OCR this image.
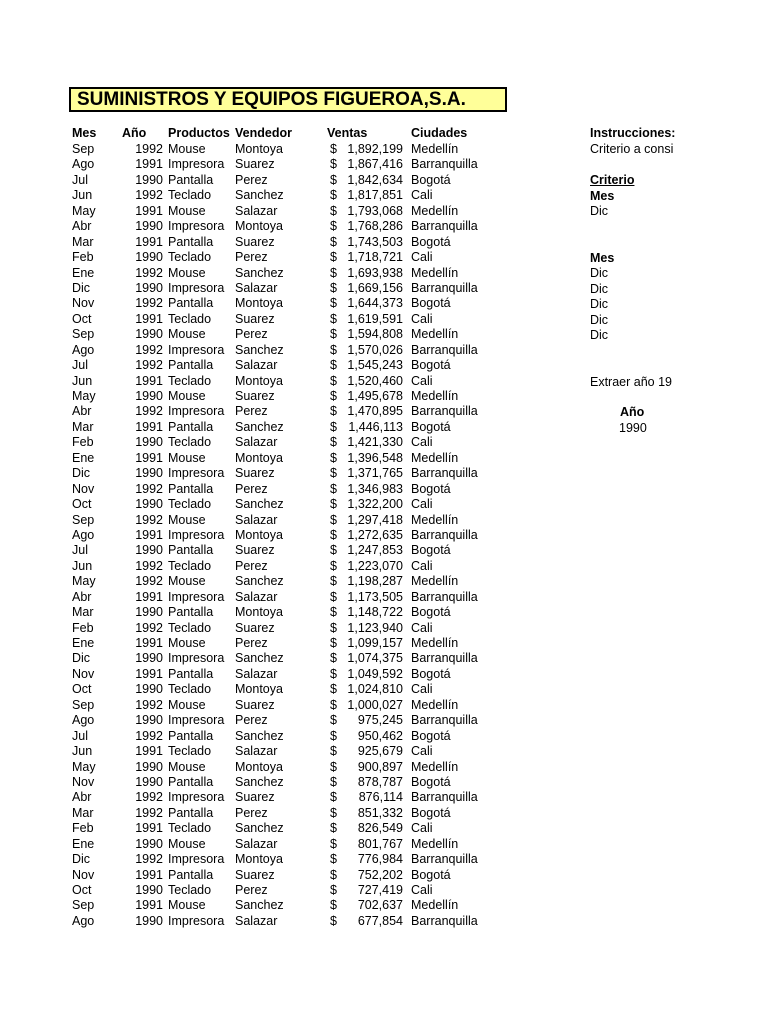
SUMINISTROS Y EQUIPOS FIGUEROA,S.A.
Mes Año Productos Vendedor	Ventas	Ciudades
Sep	1992 Mouse Montoya	$ 1,892,199 Medellín
Ago	1991 Impresora Suarez	$ 1,867,416 Barranquilla
Jul	1990 Pantalla Perez	$ 1,842,634 Bogotá
Jun	1992 Teclado Sanchez	$ 1,817,851 Cali
May	1991 Mouse Salazar	$ 1,793,068 Medellín
Abr	1990 Impresora Montoya	$ 1,768,286 Barranquilla
Mar	1991 Pantalla Suarez	$ 1,743,503 Bogotá
Feb	1990 Teclado Perez	$ 1,718,721 Cali
Ene	1992 Mouse Sanchez	$ 1,693,938 Medellín
Dic	1990 Impresora Salazar	$ 1,669,156 Barranquilla
Nov	1992 Pantalla Montoya	$ 1,644,373 Bogotá
Oct	1991 Teclado Suarez	$ 1,619,591 Cali
Sep	1990 Mouse Perez	$ 1,594,808 Medellín
Ago	1992 Impresora Sanchez	$ 1,570,026 Barranquilla
Jul	1992 Pantalla Salazar	$ 1,545,243 Bogotá
Jun	1991 Teclado Montoya	$ 1,520,460 Cali
May	1990 Mouse Suarez	$ 1,495,678 Medellín
Abr	1992 Impresora Perez	$ 1,470,895 Barranquilla
Mar	1991 Pantalla Sanchez	$ 1,446,113 Bogotá
Feb	1990 Teclado Salazar	$ 1,421,330 Cali
Ene	1991 Mouse Montoya	$ 1,396,548 Medellín
Dic	1990 Impresora Suarez	$ 1,371,765 Barranquilla
Nov	1992 Pantalla Perez	$ 1,346,983 Bogotá
Oct	1990 Teclado Sanchez	$ 1,322,200 Cali
Sep	1992 Mouse Salazar	$ 1,297,418 Medellín
Ago	1991 Impresora Montoya	$ 1,272,635 Barranquilla
Jul	1990 Pantalla Suarez	$ 1,247,853 Bogotá
Jun	1992 Teclado Perez	$ 1,223,070 Cali
May	1992 Mouse Sanchez	$ 1,198,287 Medellín
Abr	1991 Impresora Salazar	$ 1,173,505 Barranquilla
Mar	1990 Pantalla Montoya	$ 1,148,722 Bogotá
Feb	1992 Teclado Suarez	$ 1,123,940 Cali
Ene	1991 Mouse Perez	$ 1,099,157 Medellín
Dic	1990 Impresora Sanchez	$ 1,074,375 Barranquilla
Nov	1991 Pantalla Salazar	$ 1,049,592 Bogotá
Oct	1990 Teclado Montoya	$ 1,024,810 Cali
Sep	1992 Mouse Suarez	$ 1,000,027 Medellín
Ago	1990 Impresora Perez	$	975,245 Barranquilla
Jul	1992 Pantalla Sanchez	$	950,462 Bogotá
Jun	1991 Teclado Salazar	$	925,679 Cali
May	1990 Mouse Montoya	$	900,897 Medellín
Nov	1990 Pantalla Sanchez	$	878,787 Bogotá
Abr	1992 Impresora Suarez	$	876,114 Barranquilla
Mar	1992 Pantalla Perez	$	851,332 Bogotá
Feb	1991 Teclado Sanchez	$	826,549 Cali
Ene	1990 Mouse Salazar	$	801,767 Medellín
Dic	1992 Impresora Montoya	$	776,984 Barranquilla
Nov	1991 Pantalla Suarez	$	752,202 Bogotá
Oct	1990 Teclado Perez	$	727,419 Cali
Sep	1991 Mouse Sanchez	$	702,637 Medellín
Ago	1990 Impresora Salazar	$	677,854 Barranquilla
Instrucciones:
Criterio a consi
Criterio
Mes
Dic
Mes
Dic
Dic
Dic
Dic
Dic
Extraer año 19
Año
1990
